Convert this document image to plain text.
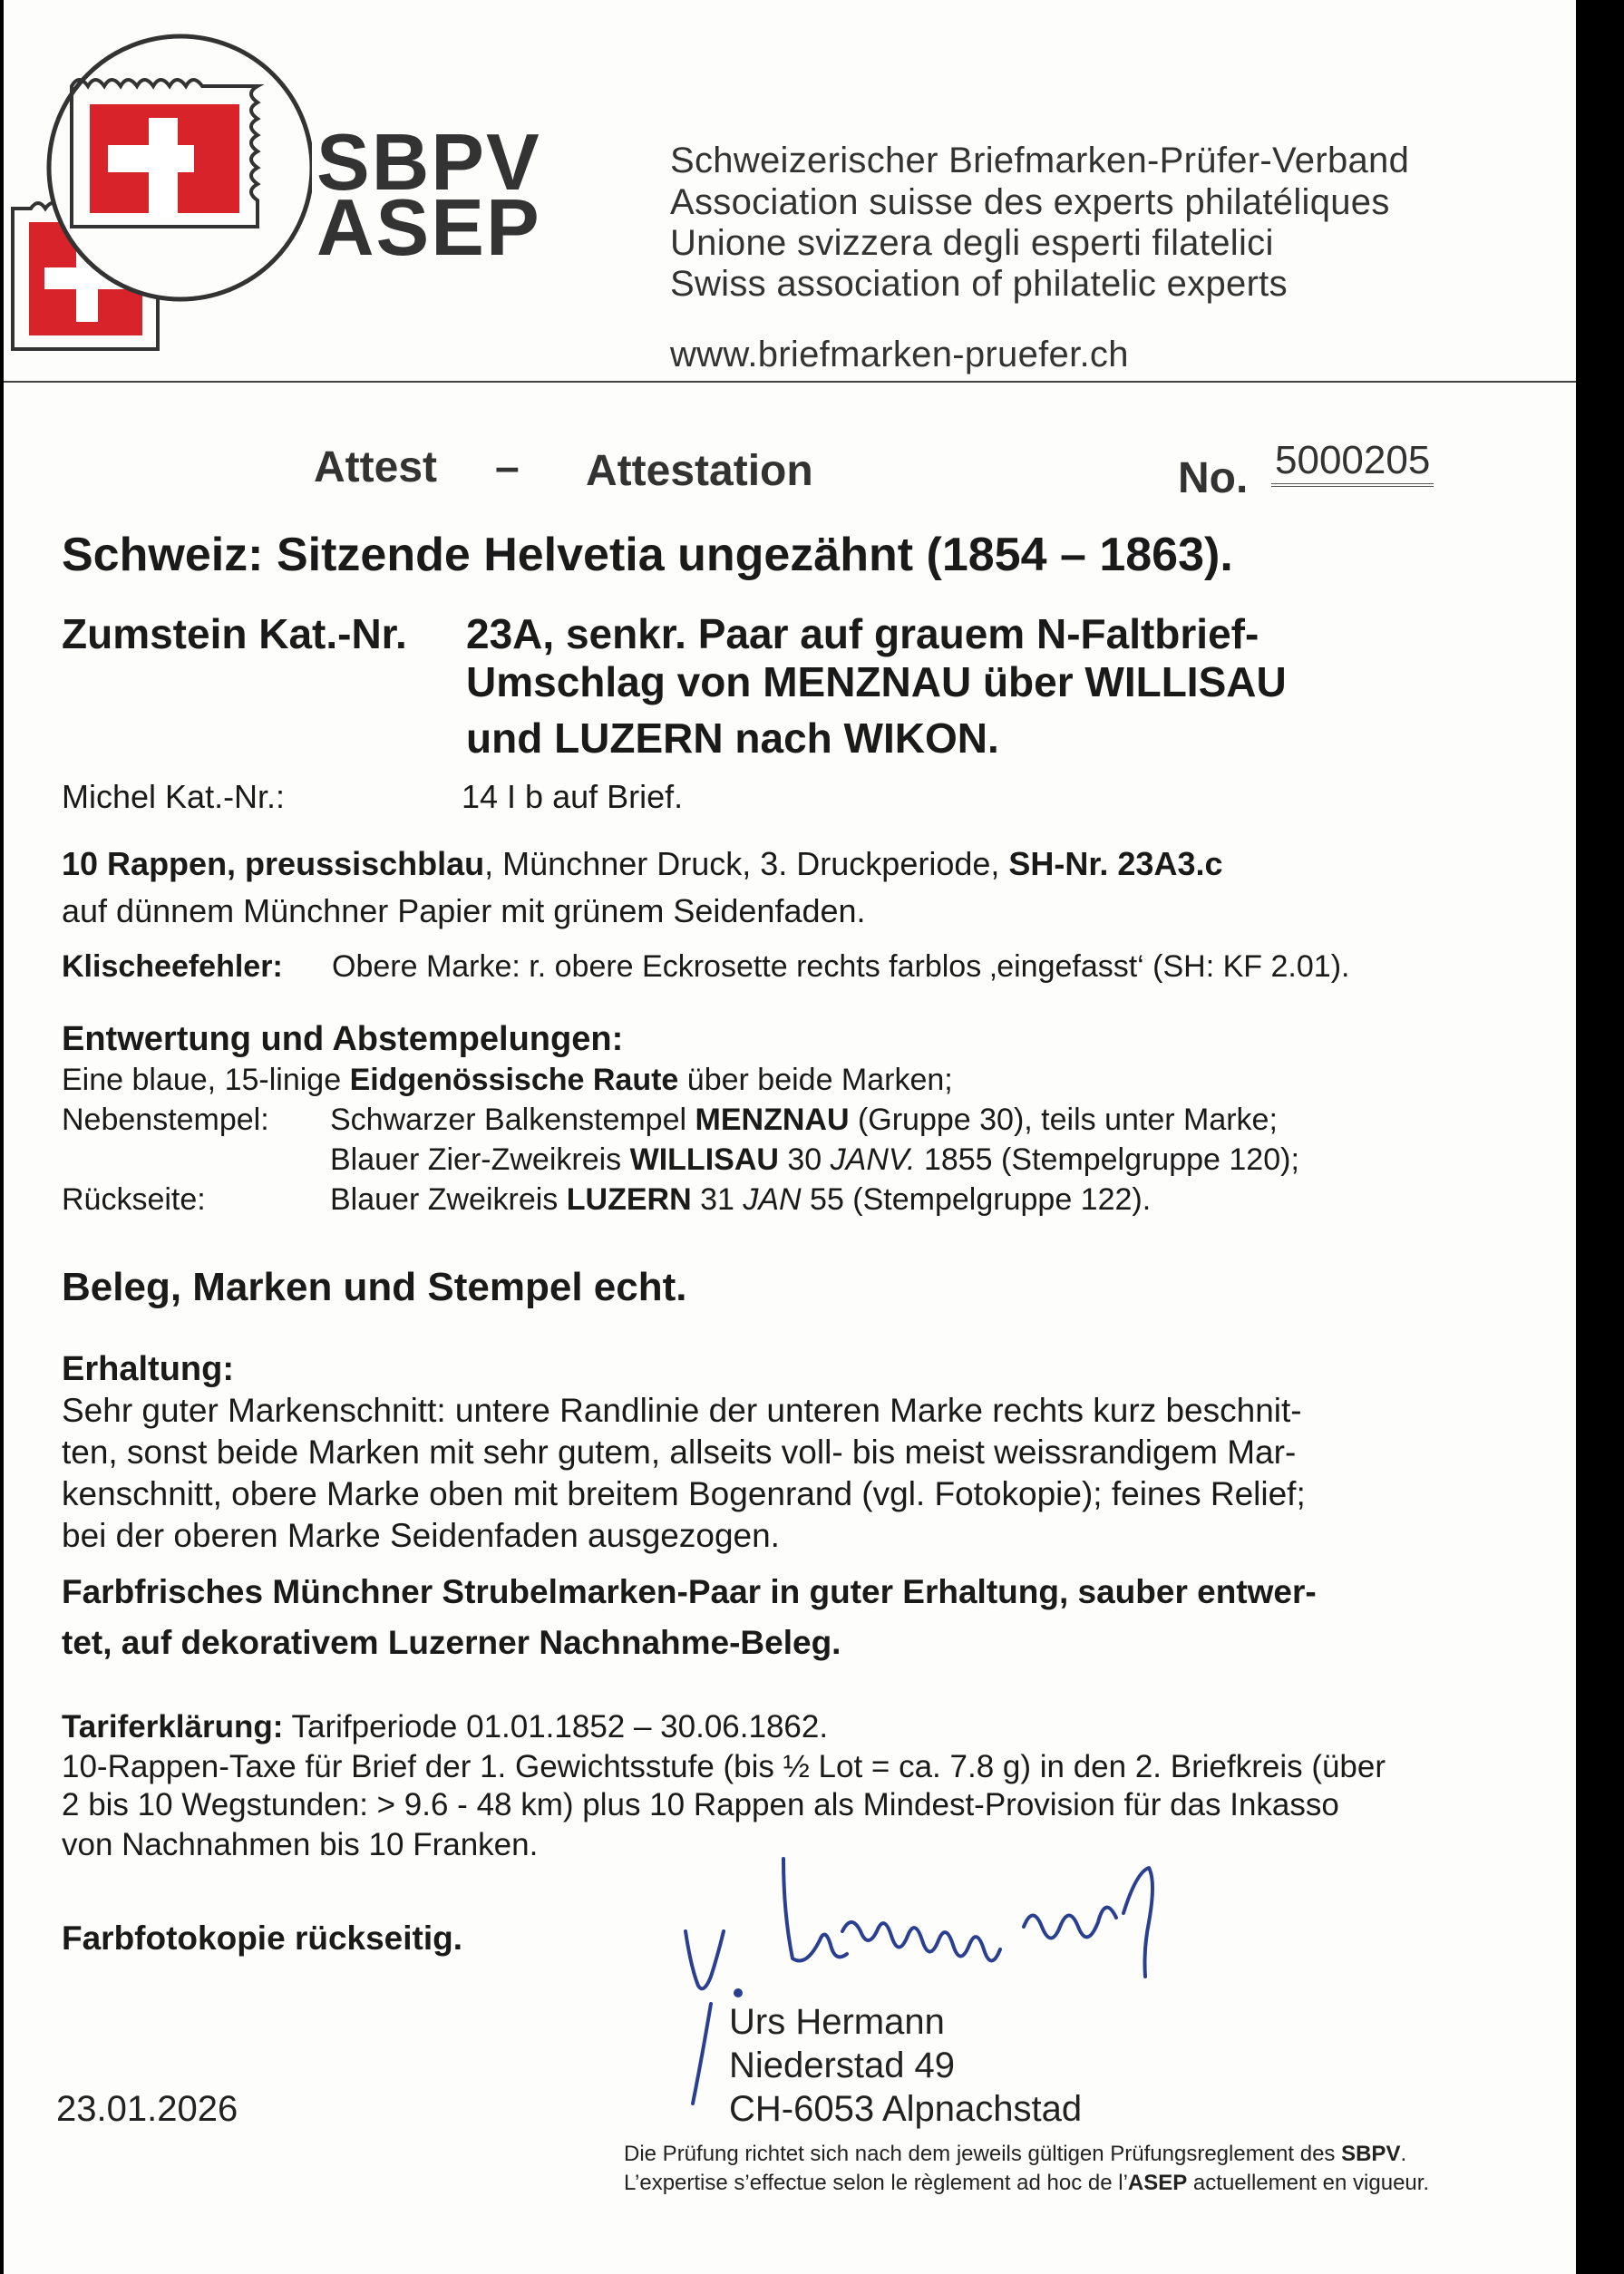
SBPV
ASEP
Schweizerischer Briefmarken-Prüfer-Verband
Association suisse des experts philatéliques
Unione svizzera degli esperti filatelici
Swiss association of philatelic experts
www.briefmarken-pruefer.ch
Attest – Attestation	No. 5000205
Schweiz: Sitzende Helvetia ungezähnt (1854 – 1863).
Zumstein Kat.-Nr. 23A, senkr. Paar auf grauem N-Faltbrief-
Umschlag von MENZNAU über WILLISAU
und LUZERN nach WIKON.
Michel Kat.-Nr.:	14 I b auf Brief.
10 Rappen, preussischblau, Münchner Druck, 3. Druckperiode, SH-Nr. 23A3.c
auf dünnem Münchner Papier mit grünem Seidenfaden.
Klischeefehler: Obere Marke: r. obere Eckrosette rechts farblos ‚eingefasst‘ (SH: KF 2.01).
Entwertung und Abstempelungen:
Eine blaue, 15-linige Eidgenössische Raute über beide Marken;
Nebenstempel: Schwarzer Balkenstempel MENZNAU (Gruppe 30), teils unter Marke;
Blauer Zier-Zweikreis WILLISAU 30 JANV. 1855 (Stempelgruppe 120);
Rückseite:	Blauer Zweikreis LUZERN 31 JAN 55 (Stempelgruppe 122).
Beleg, Marken und Stempel echt.
Erhaltung:
Sehr guter Markenschnitt: untere Randlinie der unteren Marke rechts kurz beschnit-
ten, sonst beide Marken mit sehr gutem, allseits voll- bis meist weissrandigem Mar-
kenschnitt, obere Marke oben mit breitem Bogenrand (vgl. Fotokopie); feines Relief;
bei der oberen Marke Seidenfaden ausgezogen.
Farbfrisches Münchner Strubelmarken-Paar in guter Erhaltung, sauber entwer-
tet, auf dekorativem Luzerner Nachnahme-Beleg.
Tariferklärung: Tarifperiode 01.01.1852 – 30.06.1862.
10-Rappen-Taxe für Brief der 1. Gewichtsstufe (bis ½ Lot = ca. 7.8 g) in den 2. Briefkreis (über
2 bis 10 Wegstunden: > 9.6 - 48 km) plus 10 Rappen als Mindest-Provision für das Inkasso
von Nachnahmen bis 10 Franken.
Farbfotokopie rückseitig.
Urs Hermann
Niederstad 49
CH-6053 Alpnachstad
23.01.2026
Die Prüfung richtet sich nach dem jeweils gültigen Prüfungsreglement des SBPV.
L’expertise s’effectue selon le règlement ad hoc de l’ASEP actuellement en vigueur.
